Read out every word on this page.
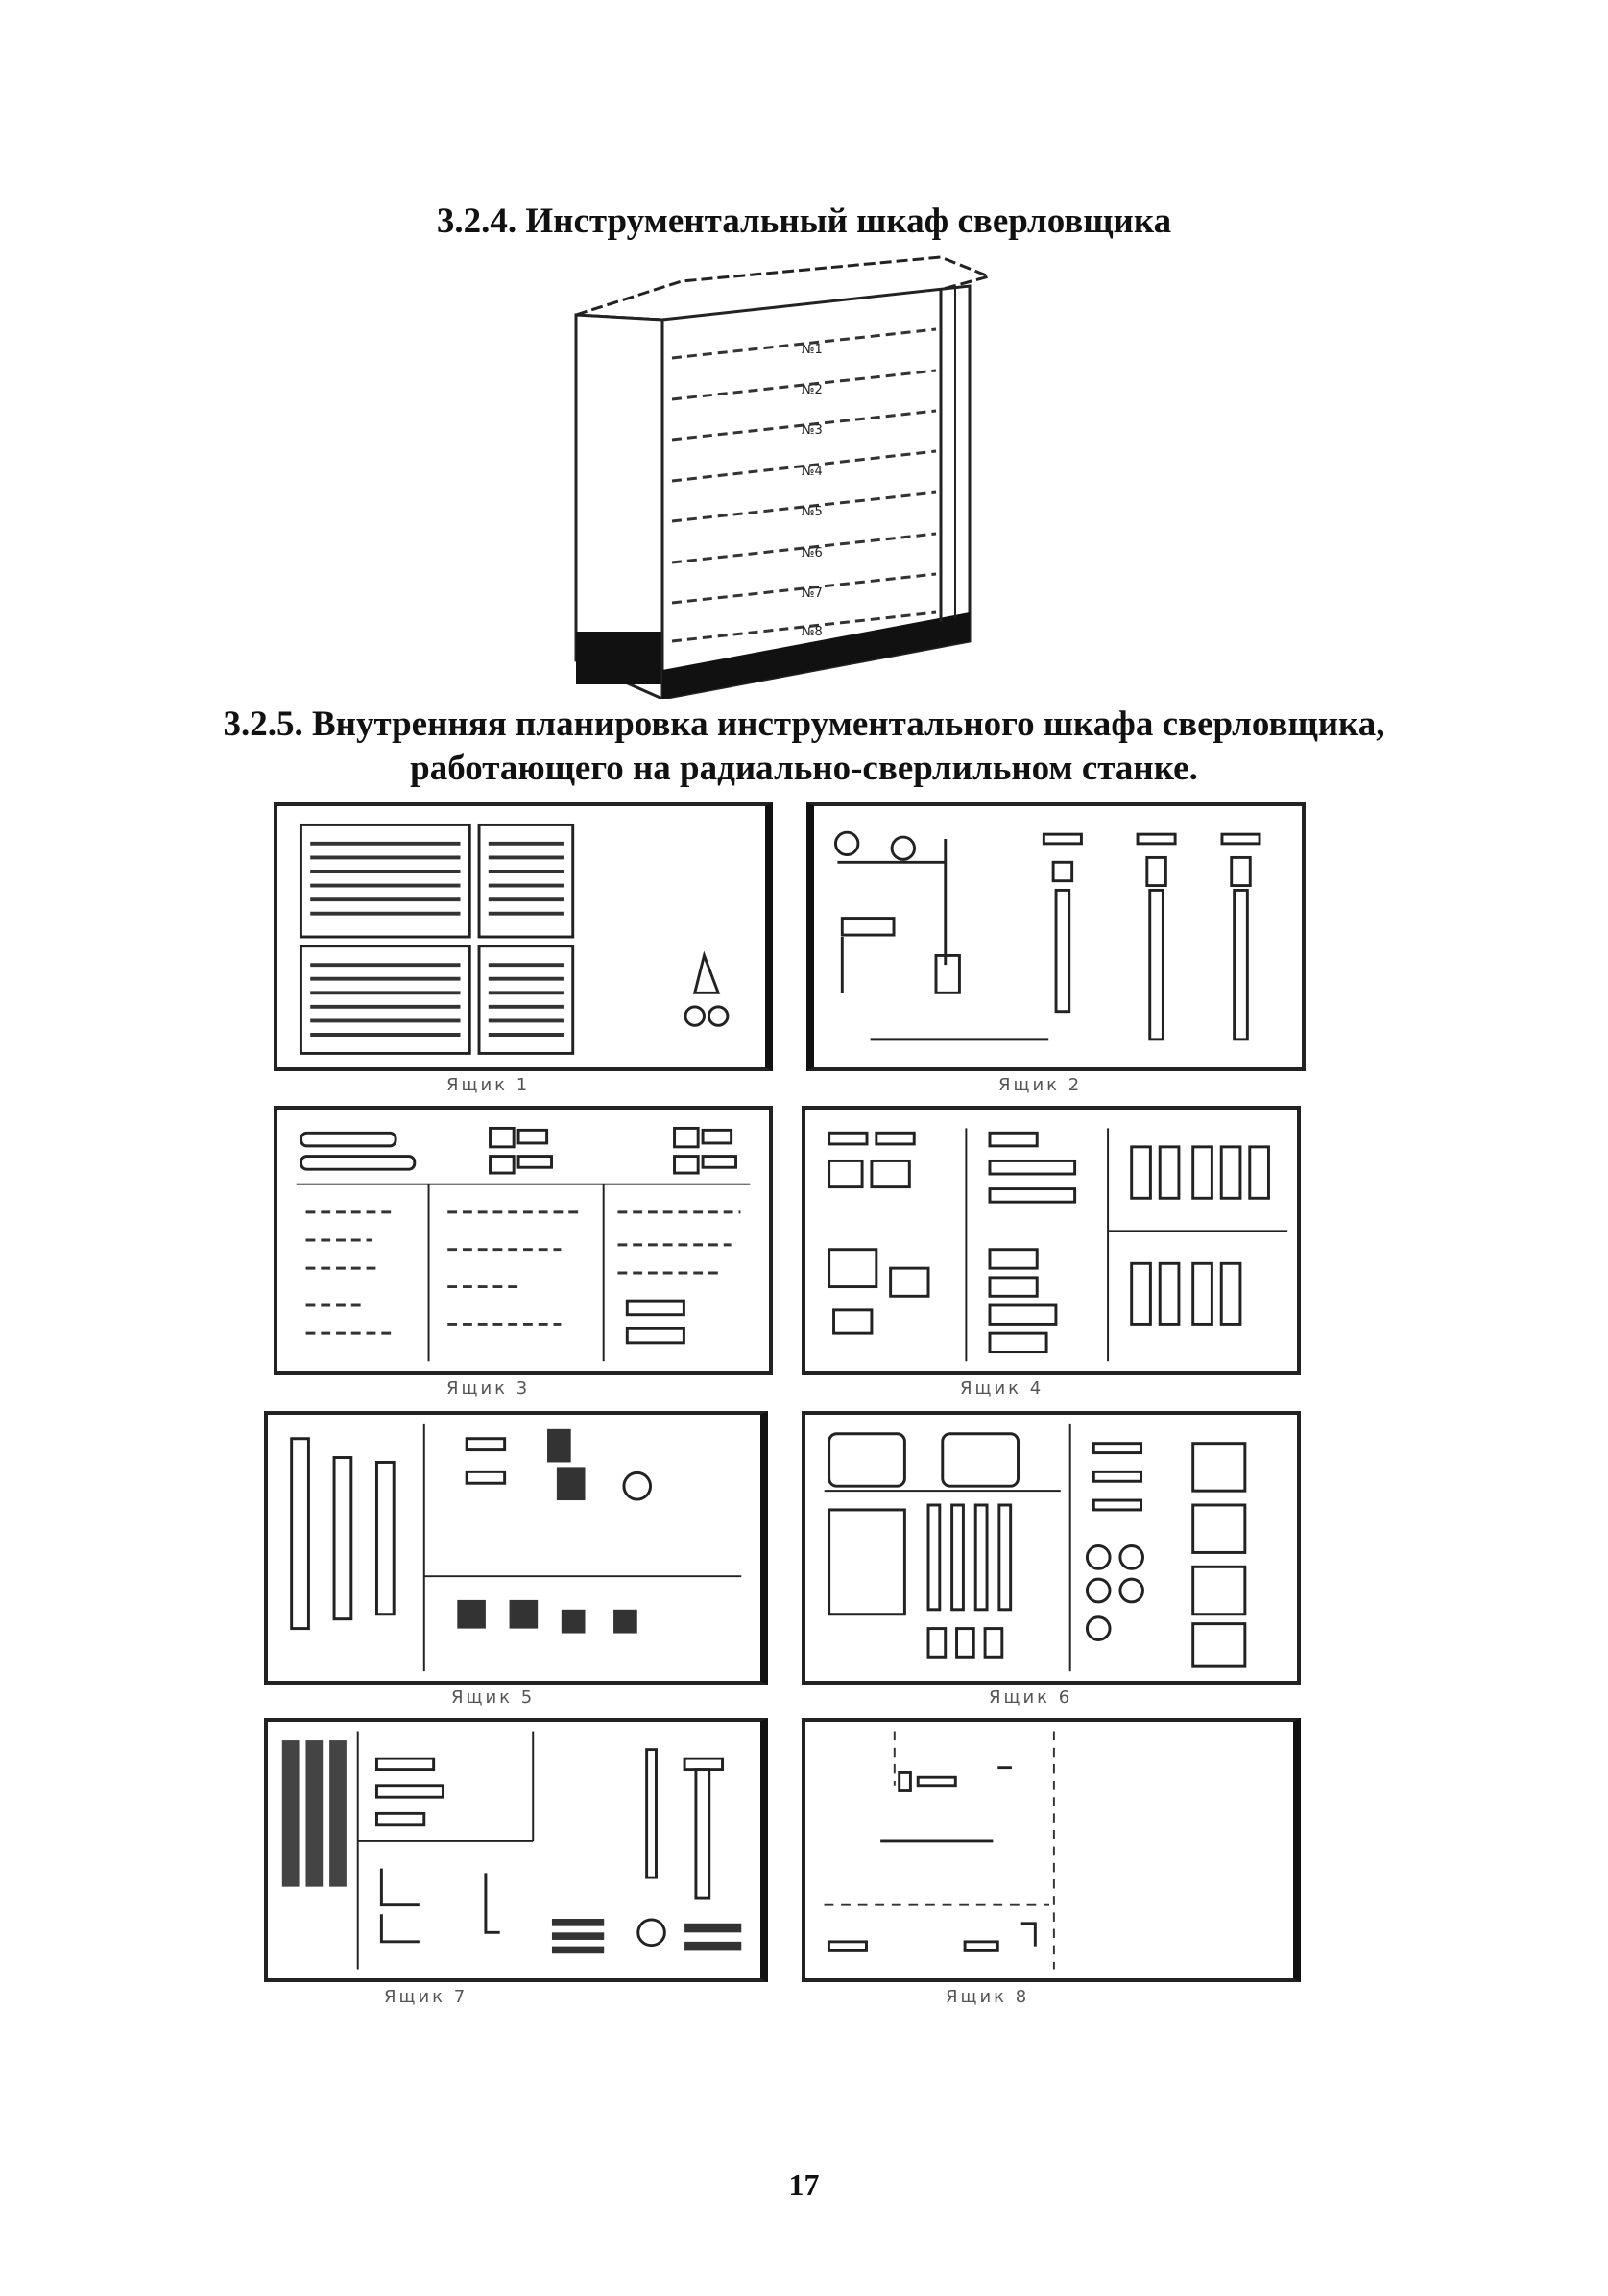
3.2.4. Инструментальный шкаф сверловщика
№1
№2
№3
№4
№5
№6
№7
№8
3.2.5. Внутренняя планировка инструментального шкафа сверловщика,
работающего на радиально-сверлильном станке.
Ящик 1	Ящик 2
Ящик 3	Ящик 4
Ящик 5	Ящик 6
Ящик 7	Ящик 8
17
